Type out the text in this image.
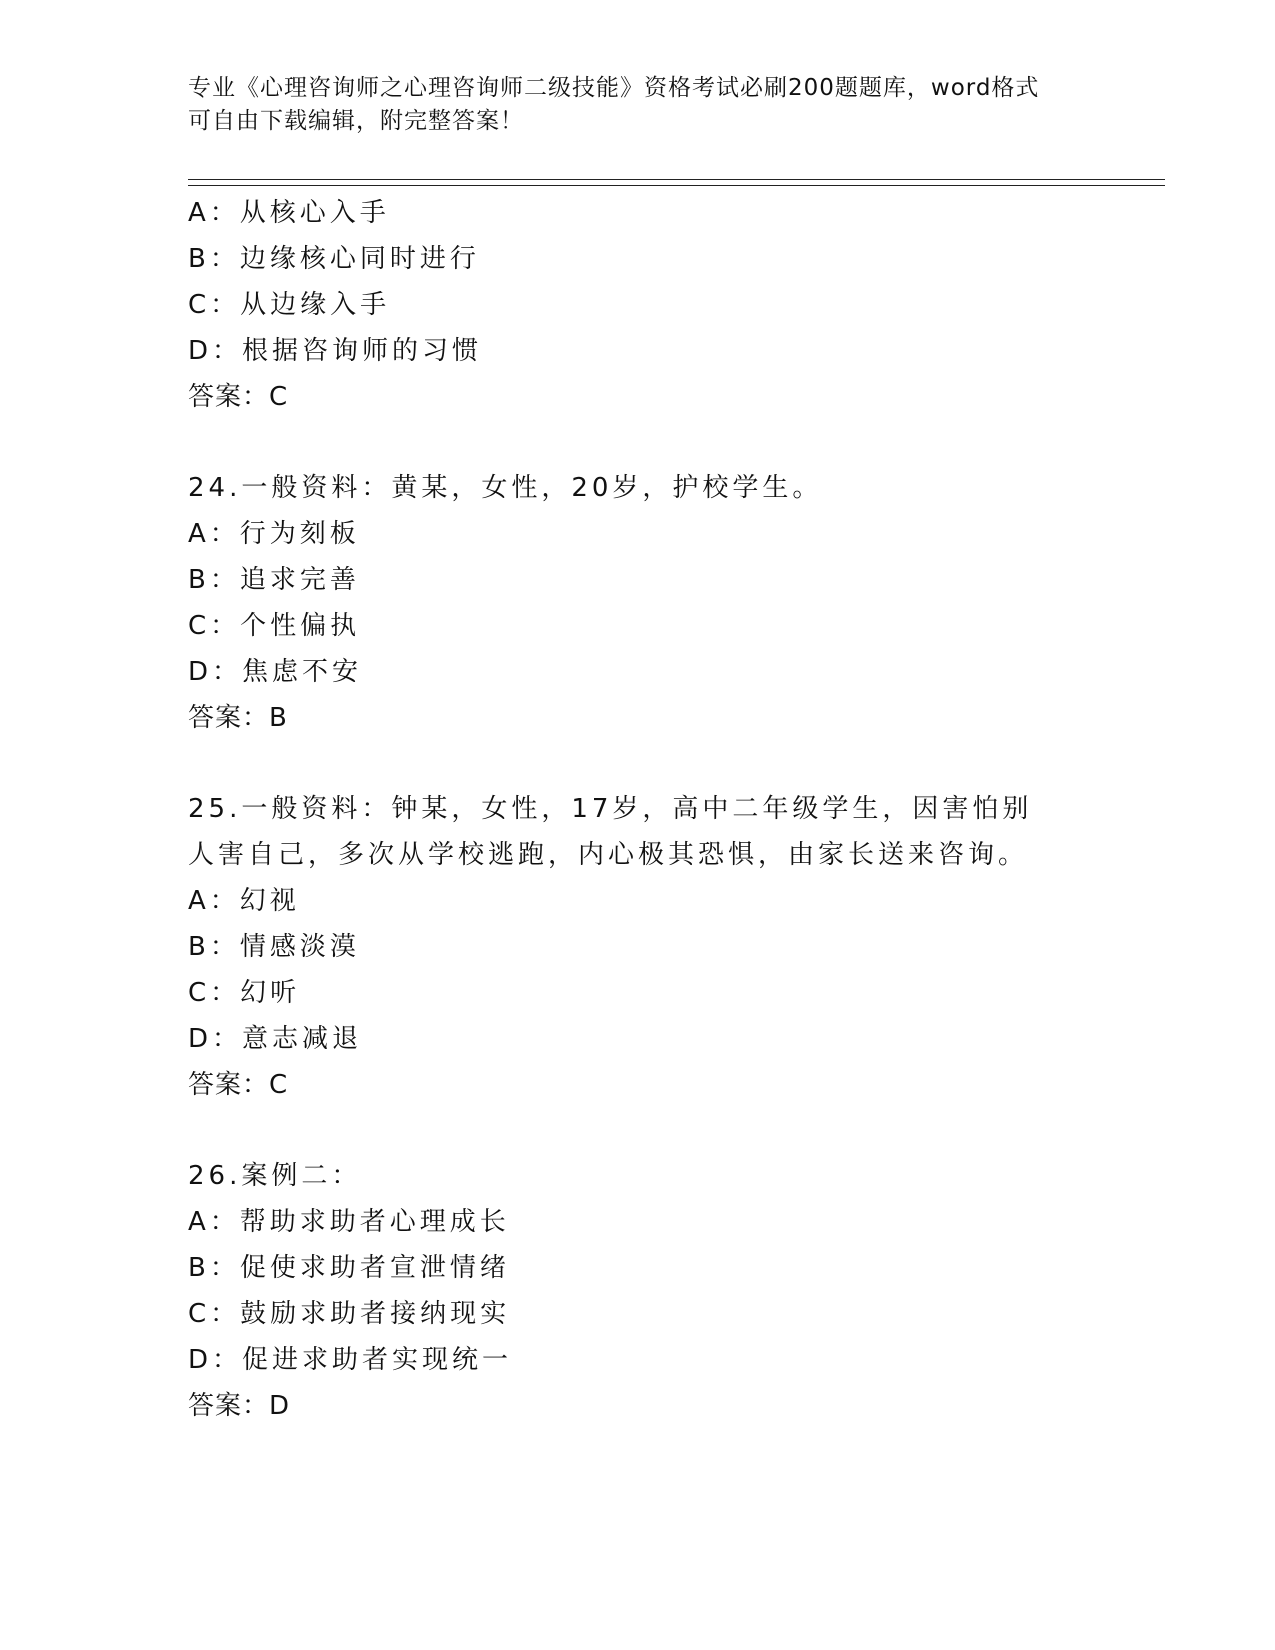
专业《心理咨询师之心理咨询师二级技能》资格考试必刷200题题库，word格式
可自由下载编辑，附完整答案！
A：从核心入手
B：边缘核心同时进行
C：从边缘入手
D：根据咨询师的习惯
答案：C
24.一般资料：黄某，女性，20岁，护校学生。
A：行为刻板
B：追求完善
C：个性偏执
D：焦虑不安
答案：B
25.一般资料：钟某，女性，17岁，高中二年级学生，因害怕别人害自己，多次从学校逃跑，内心极其恐惧，由家长送来咨询。
A：幻视
B：情感淡漠
C：幻听
D：意志减退
答案：C
26.案例二：
A：帮助求助者心理成长
B：促使求助者宣泄情绪
C：鼓励求助者接纳现实
D：促进求助者实现统一
答案：D
